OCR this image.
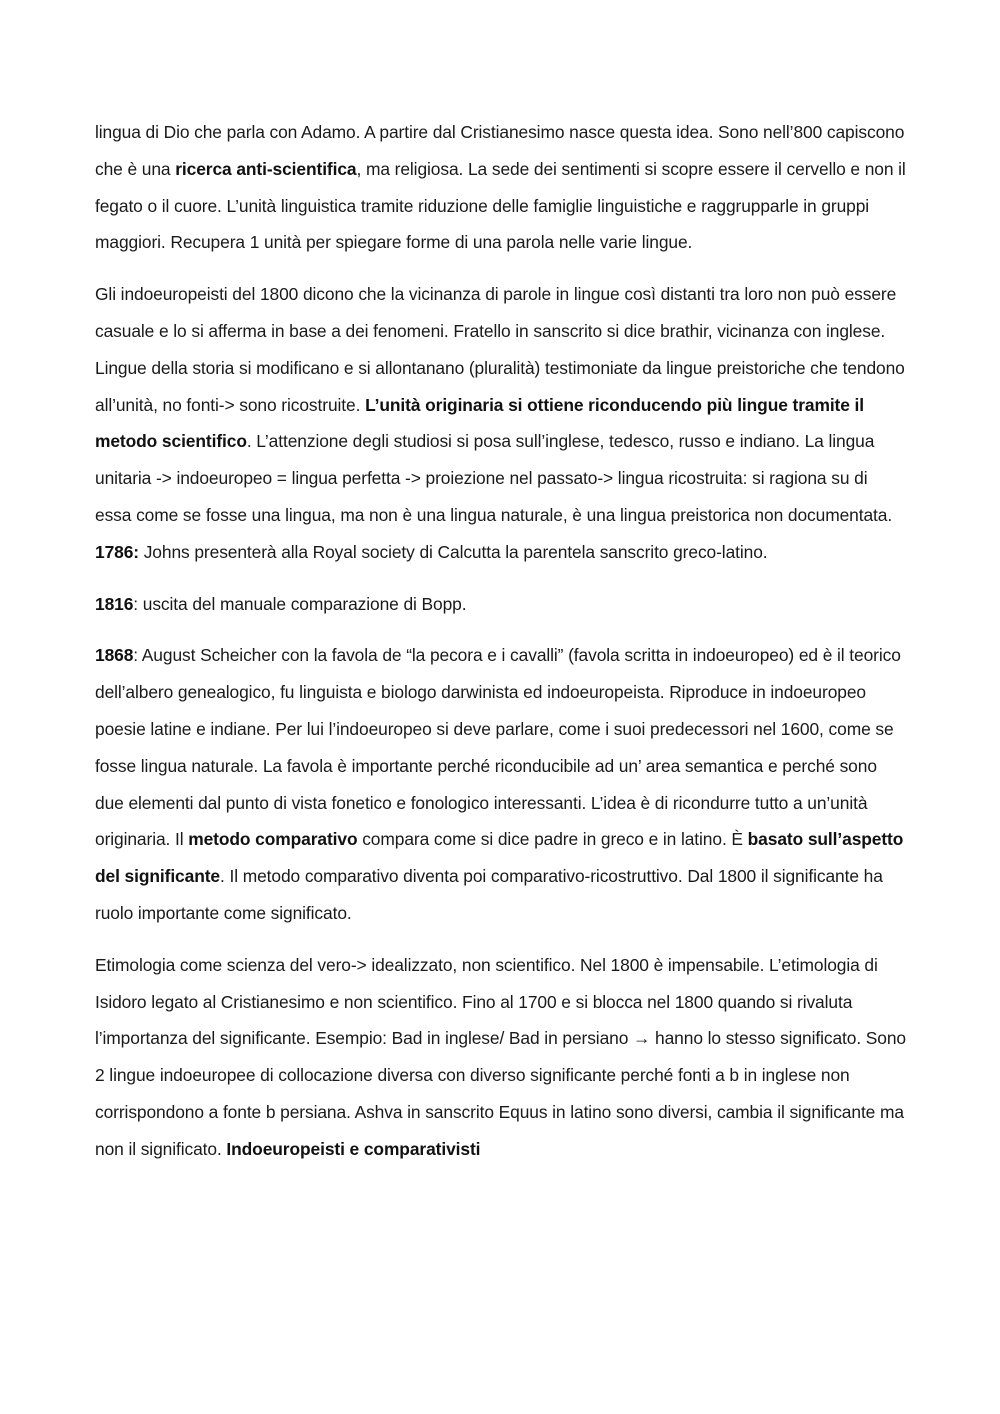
lingua di Dio che parla con Adamo. A partire dal Cristianesimo nasce questa idea. Sono nell’800 capiscono che è una ricerca anti-scientifica, ma religiosa. La sede dei sentimenti si scopre essere il cervello e non il fegato o il cuore. L’unità linguistica tramite riduzione delle famiglie linguistiche e raggrupparle in gruppi maggiori. Recupera 1 unità per spiegare forme di una parola nelle varie lingue.

Gli indoeuropeisti del 1800 dicono che la vicinanza di parole in lingue così distanti tra loro non può essere casuale e lo si afferma in base a dei fenomeni. Fratello in sanscrito si dice brathir, vicinanza con inglese. Lingue della storia si modificano e si allontanano (pluralità) testimoniate da lingue preistoriche che tendono all’unità, no fonti-> sono ricostruite. L’unità originaria si ottiene riconducendo più lingue tramite il metodo scientifico. L’attenzione degli studiosi si posa sull’inglese, tedesco, russo e indiano. La lingua unitaria -> indoeuropeo = lingua perfetta -> proiezione nel passato-> lingua ricostruita: si ragiona su di essa come se fosse una lingua, ma non è una lingua naturale, è una lingua preistorica non documentata.

1786: Johns presenterà alla Royal society di Calcutta la parentela sanscrito greco-latino.

1816: uscita del manuale comparazione di Bopp.

1868: August Scheicher con la favola de “la pecora e i cavalli” (favola scritta in indoeuropeo) ed è il teorico dell’albero genealogico, fu linguista e biologo darwinista ed indoeuropeista. Riproduce in indoeuropeo poesie latine e indiane. Per lui l’indoeuropeo si deve parlare, come i suoi predecessori nel 1600, come se fosse lingua naturale. La favola è importante perché riconducibile ad un’ area semantica e perché sono due elementi dal punto di vista fonetico e fonologico interessanti. L’idea è di ricondurre tutto a un’unità originaria. Il metodo comparativo compara come si dice padre in greco e in latino. È basato sull’aspetto del significante. Il metodo comparativo diventa poi comparativo-ricostruttivo. Dal 1800 il significante ha ruolo importante come significato.

Etimologia come scienza del vero-> idealizzato, non scientifico. Nel 1800 è impensabile. L’etimologia di Isidoro legato al Cristianesimo e non scientifico. Fino al 1700 e si blocca nel 1800 quando si rivaluta l’importanza del significante. Esempio: Bad in inglese/ Bad in persiano → hanno lo stesso significato. Sono 2 lingue indoeuropee di collocazione diversa con diverso significante perché fonti a b in inglese non corrispondono a fonte b persiana. Ashva in sanscrito Equus in latino sono diversi, cambia il significante ma non il significato. Indoeuropeisti e comparativisti
